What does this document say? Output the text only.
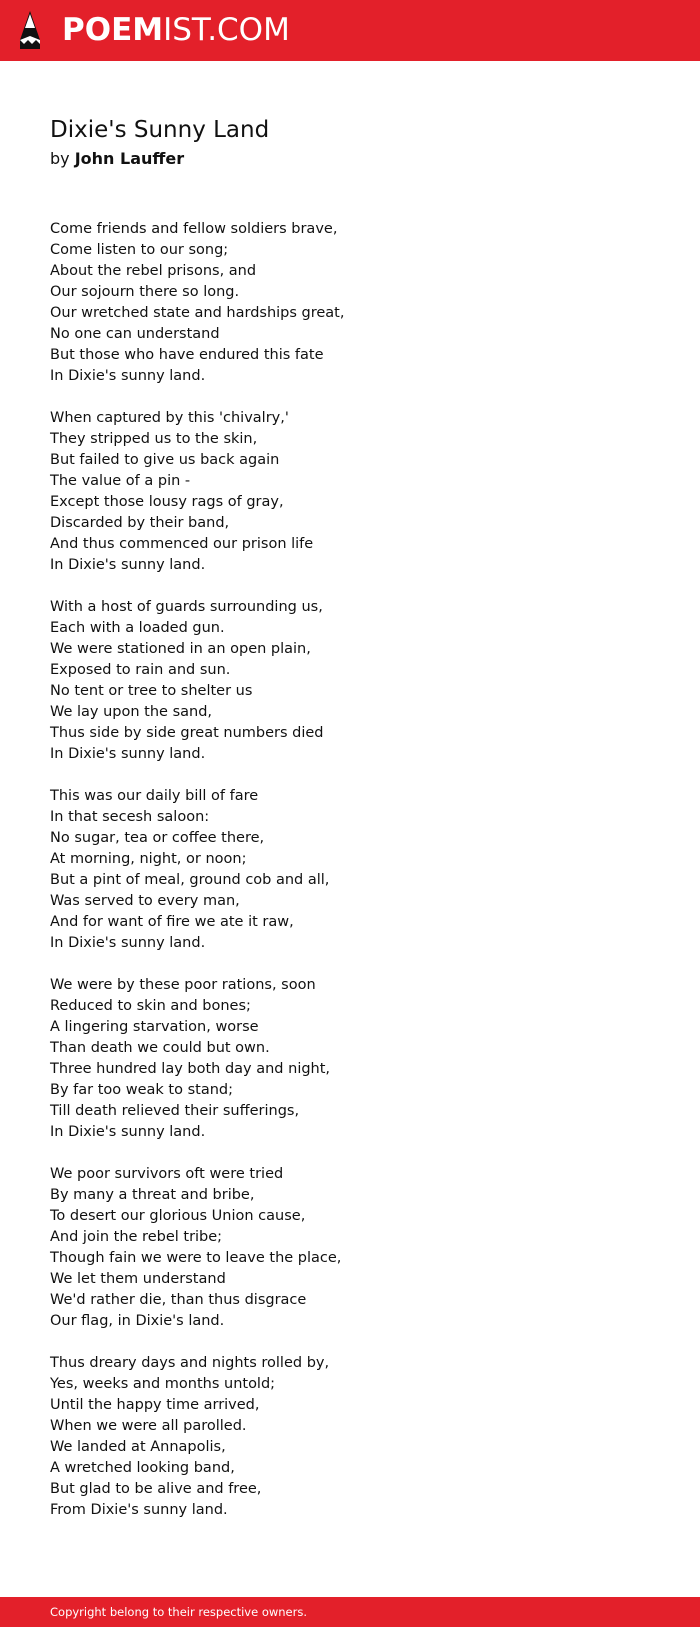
POEMIST.COM
Dixie's Sunny Land
by John Lauffer
Come friends and fellow soldiers brave,
Come listen to our song;
About the rebel prisons, and
Our sojourn there so long.
Our wretched state and hardships great,
No one can understand
But those who have endured this fate
In Dixie's sunny land.
When captured by this 'chivalry,'
They stripped us to the skin,
But failed to give us back again
The value of a pin -
Except those lousy rags of gray,
Discarded by their band,
And thus commenced our prison life
In Dixie's sunny land.
With a host of guards surrounding us,
Each with a loaded gun.
We were stationed in an open plain,
Exposed to rain and sun.
No tent or tree to shelter us
We lay upon the sand,
Thus side by side great numbers died
In Dixie's sunny land.
This was our daily bill of fare
In that secesh saloon:
No sugar, tea or coffee there,
At morning, night, or noon;
But a pint of meal, ground cob and all,
Was served to every man,
And for want of fire we ate it raw,
In Dixie's sunny land.
We were by these poor rations, soon
Reduced to skin and bones;
A lingering starvation, worse
Than death we could but own.
Three hundred lay both day and night,
By far too weak to stand;
Till death relieved their sufferings,
In Dixie's sunny land.
We poor survivors oft were tried
By many a threat and bribe,
To desert our glorious Union cause,
And join the rebel tribe;
Though fain we were to leave the place,
We let them understand
We'd rather die, than thus disgrace
Our flag, in Dixie's land.
Thus dreary days and nights rolled by,
Yes, weeks and months untold;
Until the happy time arrived,
When we were all parolled.
We landed at Annapolis,
A wretched looking band,
But glad to be alive and free,
From Dixie's sunny land.
Copyright belong to their respective owners.
